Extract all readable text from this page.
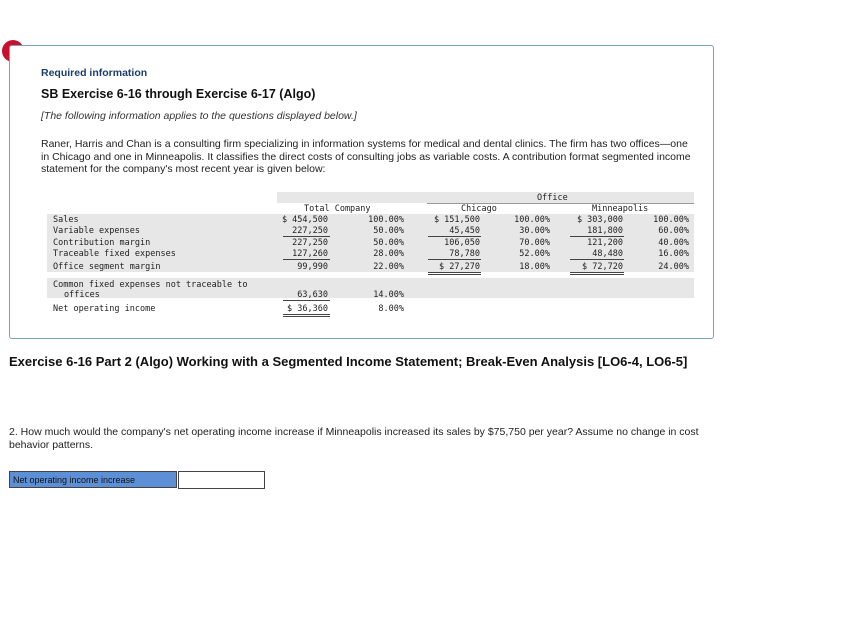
Required information
SB Exercise 6-16 through Exercise 6-17 (Algo)
[The following information applies to the questions displayed below.]
Raner, Harris and Chan is a consulting firm specializing in information systems for medical and dental clinics. The firm has two offices—one in Chicago and one in Minneapolis. It classifies the direct costs of consulting jobs as variable costs. A contribution format segmented income statement for the company's most recent year is given below:
Office
Total Company	Chicago	Minneapolis
Sales	$ 454,500	100.00%	$ 151,500	100.00%	$ 303,000	100.00%
Variable expenses	227,250	50.00%	45,450	30.00%	181,800	60.00%
Contribution margin	227,250	50.00%	106,050	70.00%	121,200	40.00%
Traceable fixed expenses	127,260	28.00%	78,780	52.00%	48,480	16.00%
Office segment margin	99,990	22.00%	$ 27,270	18.00%	$ 72,720	24.00%
Common fixed expenses not traceable to
offices	63,630	14.00%
Net operating income	$ 36,360	8.00%
Exercise 6-16 Part 2 (Algo) Working with a Segmented Income Statement; Break-Even Analysis [LO6-4, LO6-5]
2. How much would the company's net operating income increase if Minneapolis increased its sales by $75,750 per year? Assume no change in cost behavior patterns.
Net operating income increase
